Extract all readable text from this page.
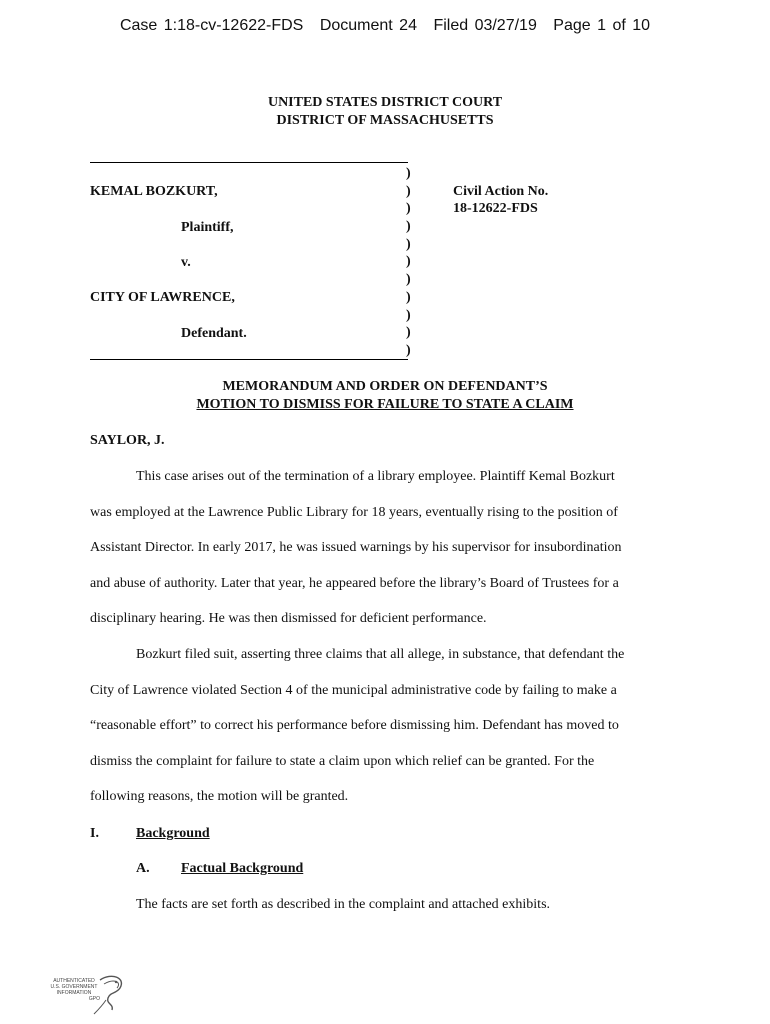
Case 1:18-cv-12622-FDS Document 24 Filed 03/27/19 Page 1 of 10
UNITED STATES DISTRICT COURT
DISTRICT OF MASSACHUSETTS
)
)
)
)
)
)
)
)
)
)
)
KEMAL BOZKURT,
Plaintiff,
v.
CITY OF LAWRENCE,
Defendant.
Civil Action No.
18-12622-FDS
MEMORANDUM AND ORDER ON DEFENDANT’S
MOTION TO DISMISS FOR FAILURE TO STATE A CLAIM
SAYLOR, J.
This case arises out of the termination of a library employee. Plaintiff Kemal Bozkurt
was employed at the Lawrence Public Library for 18 years, eventually rising to the position of
Assistant Director. In early 2017, he was issued warnings by his supervisor for insubordination
and abuse of authority. Later that year, he appeared before the library’s Board of Trustees for a
disciplinary hearing. He was then dismissed for deficient performance.
Bozkurt filed suit, asserting three claims that all allege, in substance, that defendant the
City of Lawrence violated Section 4 of the municipal administrative code by failing to make a
“reasonable effort” to correct his performance before dismissing him. Defendant has moved to
dismiss the complaint for failure to state a claim upon which relief can be granted. For the
following reasons, the motion will be granted.
I.	Background
A. Factual Background
The facts are set forth as described in the complaint and attached exhibits.
AUTHENTICATED
U.S. GOVERNMENT
INFORMATION
GPO
